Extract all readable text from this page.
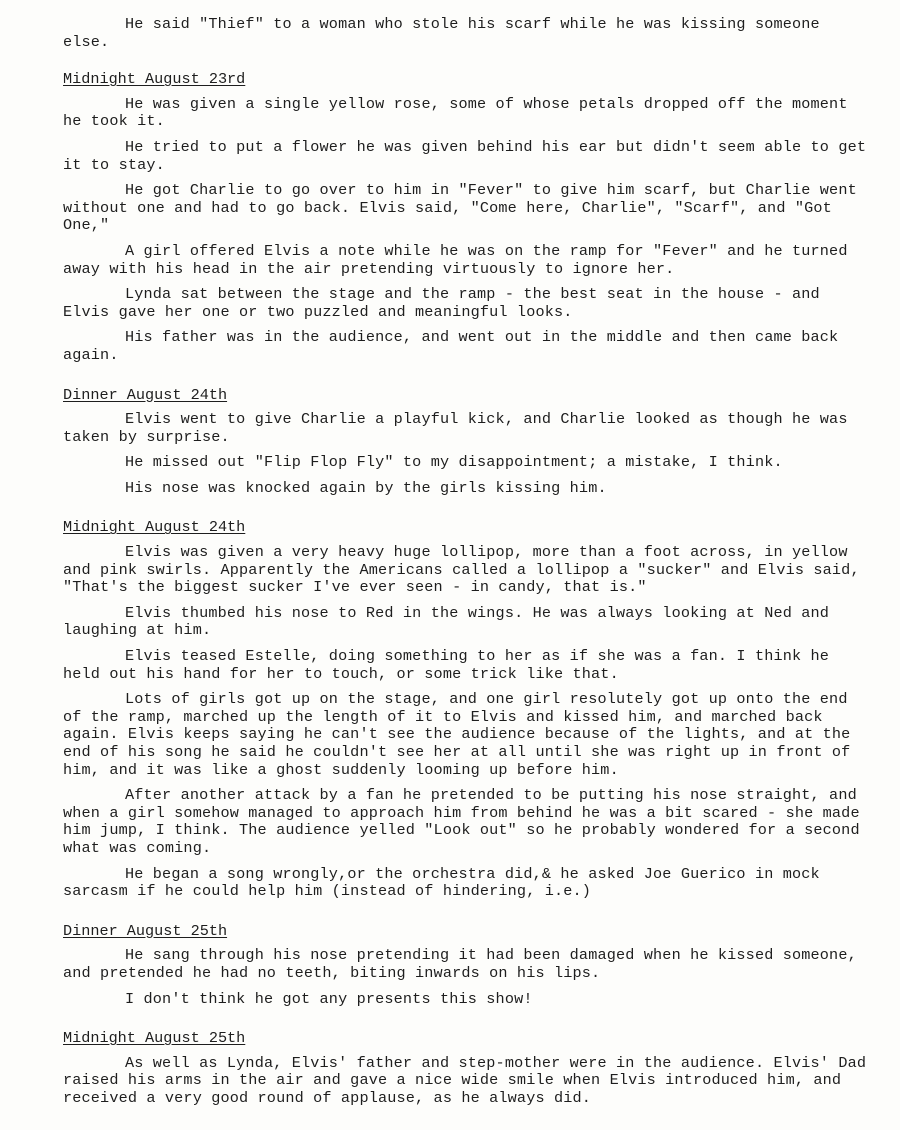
He said "Thief" to a woman who stole his scarf while he was kissing someone else.

Midnight August 23rd

He was given a single yellow rose, some of whose petals dropped off the moment he took it.

He tried to put a flower he was given behind his ear but didn't seem able to get it to stay.

He got Charlie to go over to him in "Fever" to give him scarf, but Charlie went without one and had to go back. Elvis said, "Come here, Charlie", "Scarf", and "Got One,"

A girl offered Elvis a note while he was on the ramp for "Fever" and he turned away with his head in the air pretending virtuously to ignore her.

Lynda sat between the stage and the ramp - the best seat in the house - and Elvis gave her one or two puzzled and meaningful looks.

His father was in the audience, and went out in the middle and then came back again.

Dinner August 24th

Elvis went to give Charlie a playful kick, and Charlie looked as though he was taken by surprise.

He missed out "Flip Flop Fly" to my disappointment; a mistake, I think.

His nose was knocked again by the girls kissing him.

Midnight August 24th

Elvis was given a very heavy huge lollipop, more than a foot across, in yellow and pink swirls. Apparently the Americans called a lollipop a "sucker" and Elvis said, "That's the biggest sucker I've ever seen - in candy, that is."

Elvis thumbed his nose to Red in the wings. He was always looking at Ned and laughing at him.

Elvis teased Estelle, doing something to her as if she was a fan. I think he held out his hand for her to touch, or some trick like that.

Lots of girls got up on the stage, and one girl resolutely got up onto the end of the ramp, marched up the length of it to Elvis and kissed him, and marched back again. Elvis keeps saying he can't see the audience because of the lights, and at the end of his song he said he couldn't see her at all until she was right up in front of him, and it was like a ghost suddenly looming up before him.

After another attack by a fan he pretended to be putting his nose straight, and when a girl somehow managed to approach him from behind he was a bit scared - she made him jump, I think. The audience yelled "Look out" so he probably wondered for a second what was coming.

He began a song wrongly,or the orchestra did,& he asked Joe Guerico in mock sarcasm if he could help him (instead of hindering, i.e.)

Dinner August 25th

He sang through his nose pretending it had been damaged when he kissed someone, and pretended he had no teeth, biting inwards on his lips.

I don't think he got any presents this show!

Midnight August 25th

As well as Lynda, Elvis' father and step-mother were in the audience. Elvis' Dad raised his arms in the air and gave a nice wide smile when Elvis introduced him, and received a very good round of applause, as he always did.
